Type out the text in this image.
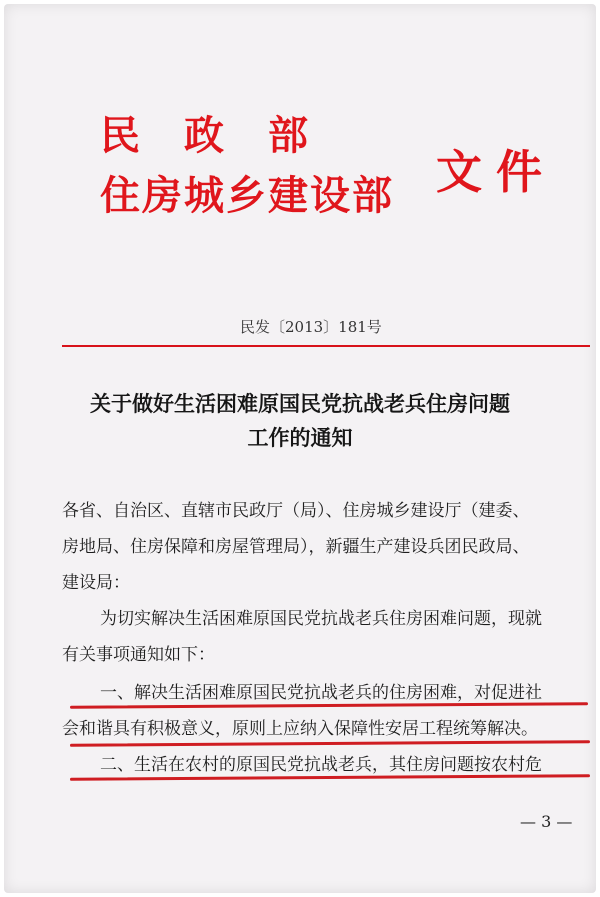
民政部
住房城乡建设部 文件
民发〔2013〕181号
关于做好生活困难原国民党抗战老兵住房问题
工作的通知
各省、自治区、直辖市民政厅（局）、住房城乡建设厅（建委、
房地局、住房保障和房屋管理局），新疆生产建设兵团民政局、
建设局：
为切实解决生活困难原国民党抗战老兵住房困难问题，现就
有关事项通知如下：
一、解决生活困难原国民党抗战老兵的住房困难，对促进社
会和谐具有积极意义，原则上应纳入保障性安居工程统筹解决。
二、生活在农村的原国民党抗战老兵，其住房问题按农村危
— 3 —
